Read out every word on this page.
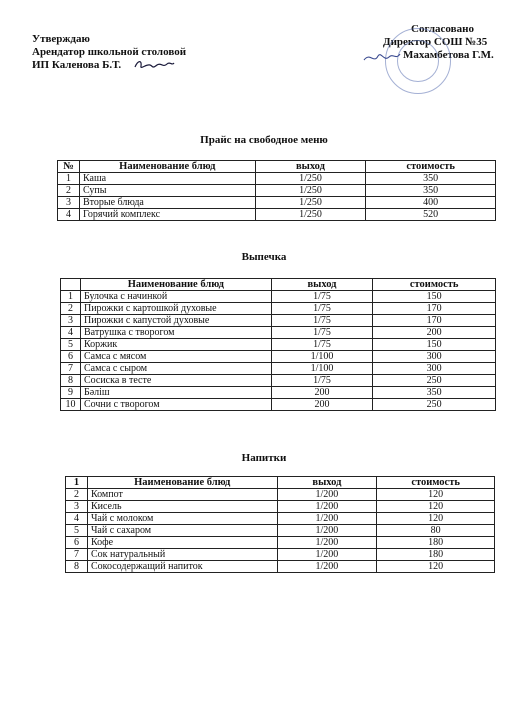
Утверждаю
Арендатор школьной столовой
ИП Каленова Б.Т.
Согласовано
Директор СОШ №35
Махамбетова Г.М.
Прайс на свободное меню
№	Наименование блюд	выход	стоимость
1	Каша	1/250	350
2	Супы	1/250	350
3	Вторые блюда	1/250	400
4	Горячий комплекс	1/250	520
Выпечка
	Наименование блюд	выход	стоимость
1	Булочка с начинкой	1/75	150
2	Пирожки с картошкой духовые	1/75	170
3	Пирожки с капустой духовые	1/75	170
4	Ватрушка с творогом	1/75	200
5	Коржик	1/75	150
6	Самса с мясом	1/100	300
7	Самса с сыром	1/100	300
8	Сосиска в тесте	1/75	250
9	Бәліш	200	350
10	Сочни с творогом	200	250
Напитки
1	Наименование блюд	выход	стоимость
2	Компот	1/200	120
3	Кисель	1/200	120
4	Чай с молоком	1/200	120
5	Чай с сахаром	1/200	80
6	Кофе	1/200	180
7	Сок натуральный	1/200	180
8	Сокосодержащий напиток	1/200	120
